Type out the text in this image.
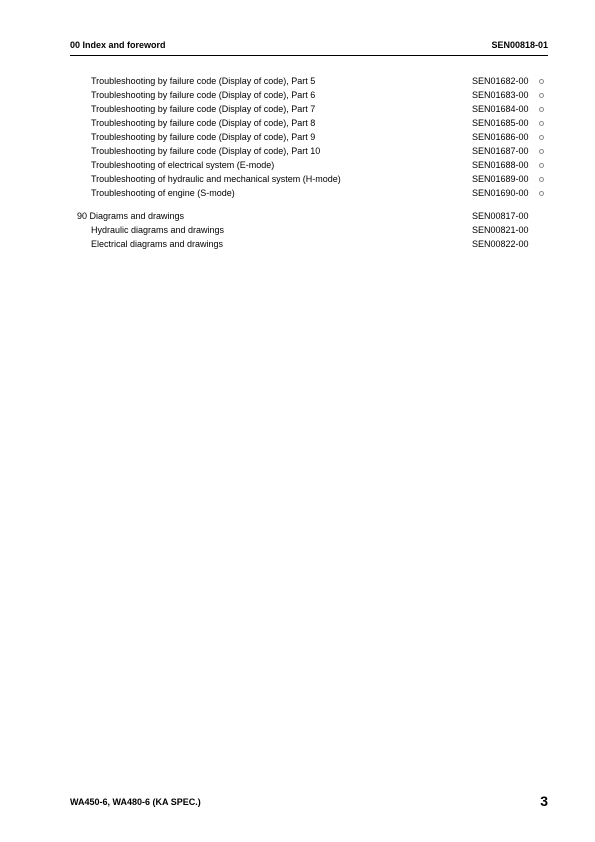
00 Index and foreword	SEN00818-01
Troubleshooting by failure code (Display of code), Part 5	SEN01682-00
Troubleshooting by failure code (Display of code), Part 6	SEN01683-00
Troubleshooting by failure code (Display of code), Part 7	SEN01684-00
Troubleshooting by failure code (Display of code), Part 8	SEN01685-00
Troubleshooting by failure code (Display of code), Part 9	SEN01686-00
Troubleshooting by failure code (Display of code), Part 10	SEN01687-00
Troubleshooting of electrical system (E-mode)	SEN01688-00
Troubleshooting of hydraulic and mechanical system (H-mode)	SEN01689-00
Troubleshooting of engine (S-mode)	SEN01690-00
90 Diagrams and drawings	SEN00817-00
Hydraulic diagrams and drawings	SEN00821-00
Electrical diagrams and drawings	SEN00822-00
WA450-6, WA480-6 (KA SPEC.)	3
